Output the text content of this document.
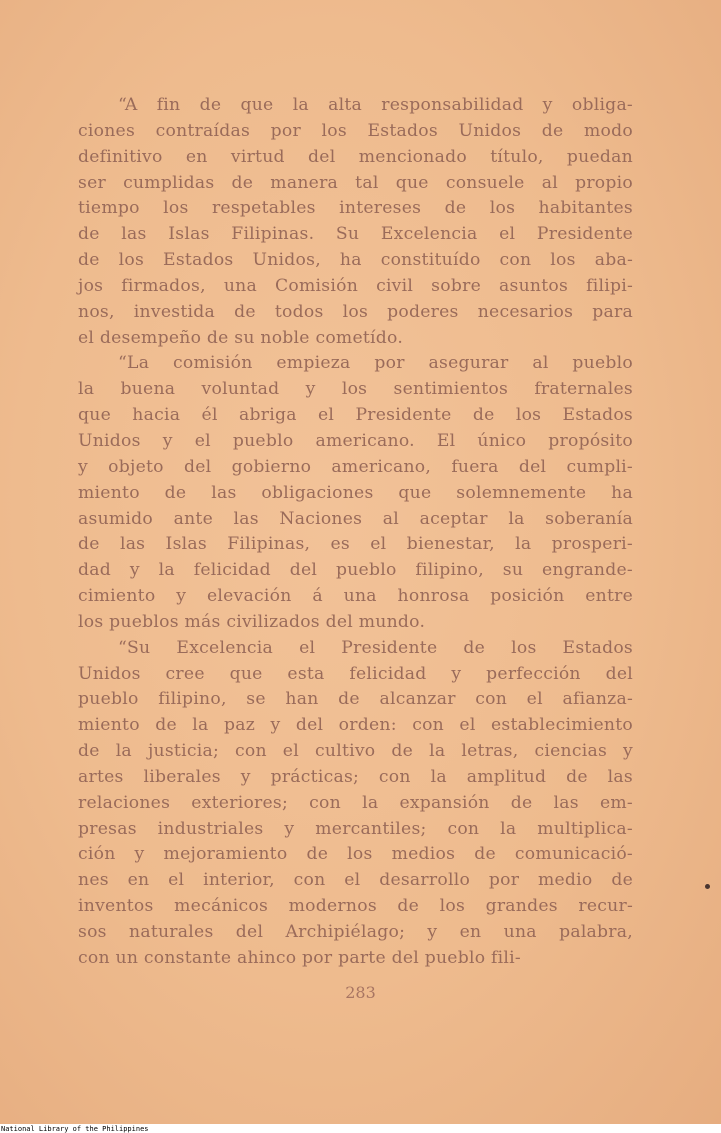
“A fin de que la alta responsabilidad y obliga-

ciones contraídas por los Estados Unidos de modo

definitivo en virtud del mencionado título, puedan

ser cumplidas de manera tal que consuele al propio

tiempo los respetables intereses de los habitantes

de las Islas Filipinas. Su Excelencia el Presidente

de los Estados Unidos, ha constituído con los aba-

jos firmados, una Comisión civil sobre asuntos filipi-

nos, investida de todos los poderes necesarios para

el desempeño de su noble cometído.

“La comisión empieza por asegurar al pueblo

la buena voluntad y los sentimientos fraternales

que hacia él abriga el Presidente de los Estados

Unidos y el pueblo americano. El único propósito

y objeto del gobierno americano, fuera del cumpli-

miento de las obligaciones que solemnemente ha

asumido ante las Naciones al aceptar la soberanía

de las Islas Filipinas, es el bienestar, la prosperi-

dad y la felicidad del pueblo filipino, su engrande-

cimiento y elevación á una honrosa posición entre

los pueblos más civilizados del mundo.

“Su Excelencia el Presidente de los Estados

Unidos cree que esta felicidad y perfección del

pueblo filipino, se han de alcanzar con el afianza-

miento de la paz y del orden: con el establecimiento

de la justicia; con el cultivo de la letras, ciencias y

artes liberales y prácticas; con la amplitud de las

relaciones exteriores; con la expansión de las em-

presas industriales y mercantiles; con la multiplica-

ción y mejoramiento de los medios de comunicació-

nes en el interior, con el desarrollo por medio de

inventos mecánicos modernos de los grandes recur-

sos naturales del Archipiélago; y en una palabra,

con un constante ahinco por parte del pueblo fili-

283
National Library of the Philippines
